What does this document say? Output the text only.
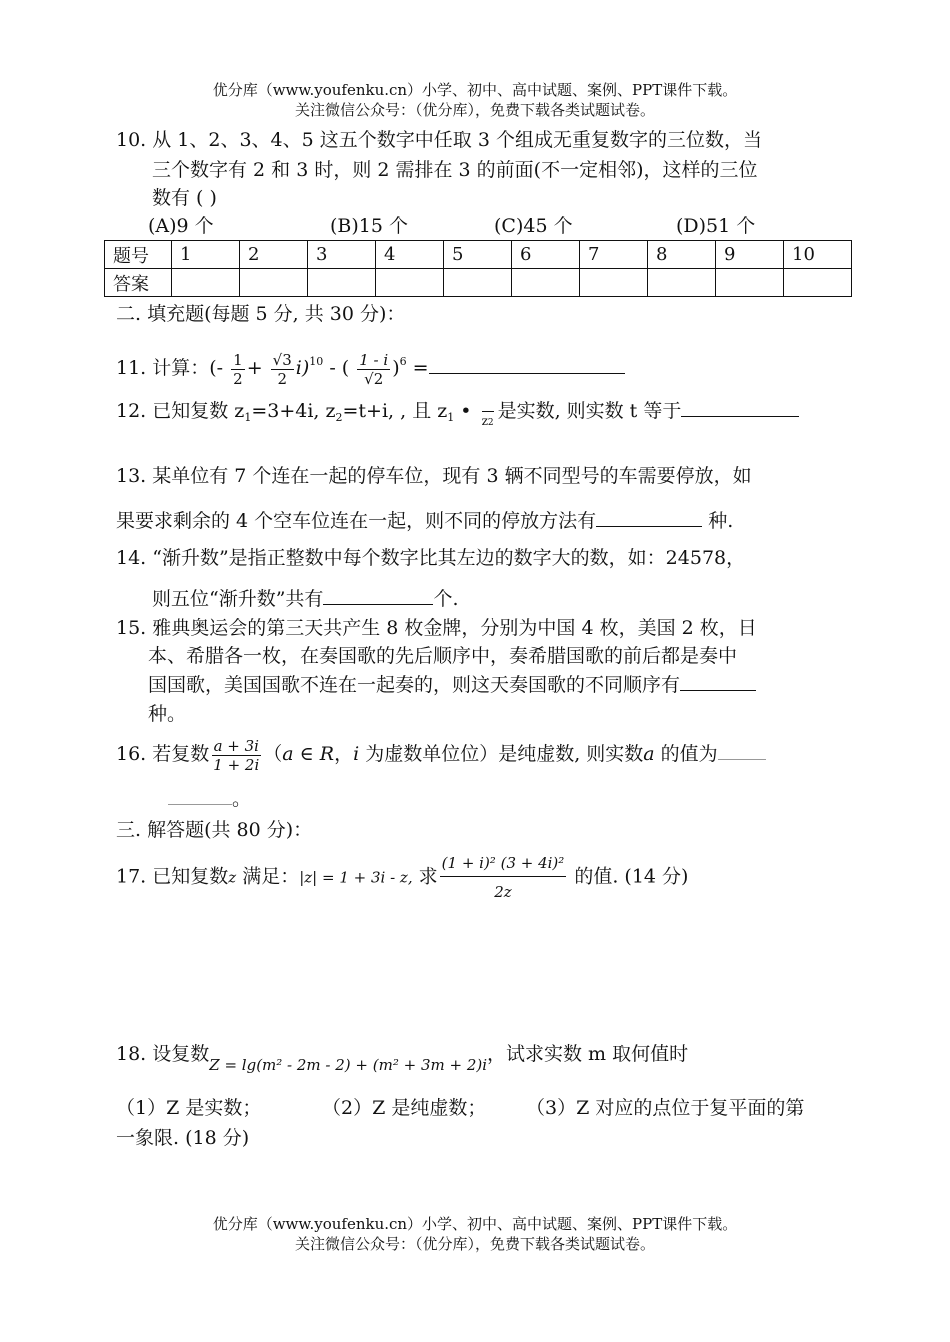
优分库（www.youfenku.cn）小学、初中、高中试题、案例、PPT课件下载。
关注微信公众号：（优分库），免费下载各类试题试卷。
10. 从 1、2、3、4、5 这五个数字中任取 3 个组成无重复数字的三位数，当
三个数字有 2 和 3 时，则 2 需排在 3 的前面(不一定相邻)，这样的三位
数有 ( )
(A)9 个	(B)15 个	(C)45 个	(D)51 个
题号	1	2	3	4	5	6	7	8	9	10
答案										
二. 填充题(每题 5 分, 共 30 分)：
11. 计算：(- $\frac{1}{2} + \frac{√3}{2} i)^{10}$ - ( $\frac{1 - i}{√2} )^6$ =
12. 已知复数 $z_1=3+4i$, $z_2=t+i$, , 且 $z_1$ • z2
是实数, 则实数 t 等于
13. 某单位有 7 个连在一起的停车位，现有 3 辆不同型号的车需要停放，如
果要求剩余的 4 个空车位连在一起，则不同的停放方法有	种.
14. “渐升数”是指正整数中每个数字比其左边的数字大的数，如：24578，
则五位“渐升数”共有	个.
15. 雅典奥运会的第三天共产生 8 枚金牌，分别为中国 4 枚，美国 2 枚，日
本、希腊各一枚，在奏国歌的先后顺序中，奏希腊国歌的前后都是奏中
国国歌，美国国歌不连在一起奏的，则这天奏国歌的不同顺序有
种。
16. 若复数 $\frac{a + 3i}{1 + 2i} (a$ ∈ R，i 为虚数单位位）是纯虚数, 则实数a 的值为
。
三. 解答题(共 80 分)：
17. 已知复数z 满足：|z| = 1 + 3i - z, 求 $\frac{\text{(1 + i)² (3 + 4i)²}}{2z}$ 的值. (14 分)
18. 设复数$_{Z = lg(m^2 - 2m - 2) + (m^2 + 3m + 2)i}$，试求实数 m 取何值时
（1）Z 是实数；	（2）Z 是纯虚数； （3）Z 对应的点位于复平面的第
一象限. (18 分)
优分库（www.youfenku.cn）小学、初中、高中试题、案例、PPT课件下载。
关注微信公众号：（优分库），免费下载各类试题试卷。
